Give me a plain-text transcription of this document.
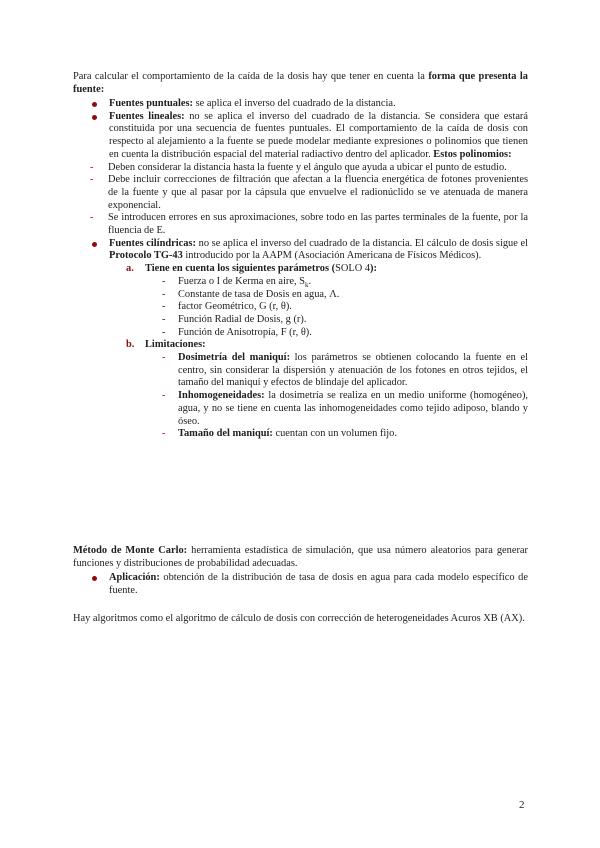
Para calcular el comportamiento de la caída de la dosis hay que tener en cuenta la forma que presenta la fuente:

Fuentes puntuales: se aplica el inverso del cuadrado de la distancia.
Fuentes lineales: no se aplica el inverso del cuadrado de la distancia. Se considera que estará constituida por una secuencia de fuentes puntuales. El comportamiento de la caída de dosis con respecto al alejamiento a la fuente se puede modelar mediante expresiones o polinomios que tienen en cuenta la distribución espacial del material radiactivo dentro del aplicador. Estos polinomios:
- Deben considerar la distancia hasta la fuente y el ángulo que ayuda a ubicar el punto de estudio.
- Debe incluir correcciones de filtración que afectan a la fluencia energética de fotones provenientes de la fuente y que al pasar por la cápsula que envuelve el radionúclido se ve atenuada de manera exponencial.
- Se introducen errores en sus aproximaciones, sobre todo en las partes terminales de la fuente, por la fluencia de E.
Fuentes cilíndricas: no se aplica el inverso del cuadrado de la distancia. El cálculo de dosis sigue el Protocolo TG-43 introducido por la AAPM (Asociación Americana de Físicos Médicos).
a. Tiene en cuenta los siguientes parámetros (SOLO 4):
- Fuerza o I de Kerma en aire, $S_k$.
- Constante de tasa de Dosis en agua, Λ.
- factor Geométrico, G (r, θ).
- Función Radial de Dosis, g (r).
- Función de Anisotropía, F (r, θ).
b. Limitaciones:
- Dosimetría del maniquí: los parámetros se obtienen colocando la fuente en el centro, sin considerar la dispersión y atenuación de los fotones en otros tejidos, el tamaño del maniquí y efectos de blindaje del aplicador.
- Inhomogeneidades: la dosimetría se realiza en un medio uniforme (homogéneo), agua, y no se tiene en cuenta las inhomogeneidades como tejido adiposo, blando y óseo.
- Tamaño del maniquí: cuentan con un volumen fijo.

Método de Monte Carlo: herramienta estadística de simulación, que usa número aleatorios para generar funciones y distribuciones de probabilidad adecuadas.

Aplicación: obtención de la distribución de tasa de dosis en agua para cada modelo específico de fuente.

Hay algoritmos como el algoritmo de cálculo de dosis con corrección de heterogeneidades Acuros XB (AX).

2
